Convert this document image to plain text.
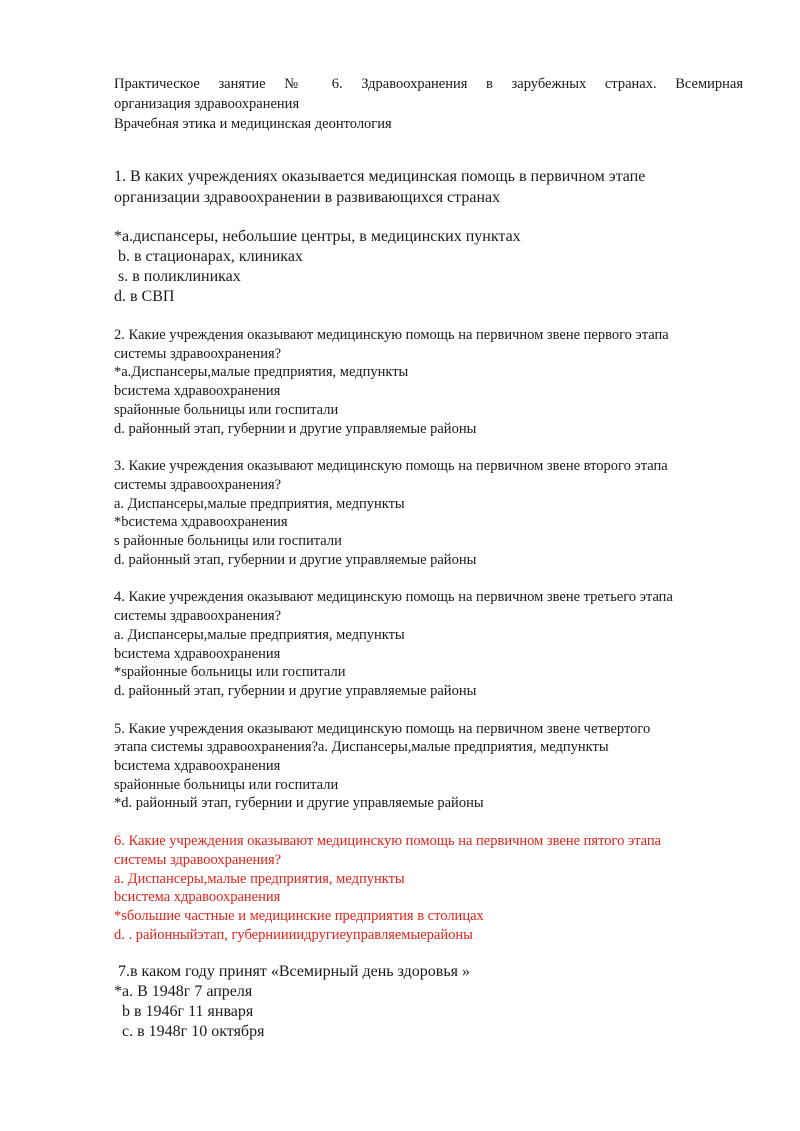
Практическое занятие № 6. Здравоохранения в зарубежных странах. Всемирная

организация здравоохранения

Врачебная этика и медицинская деонтология

1. В каких учреждениях оказывается медицинская помощь в первичном этапе

организации здравоохранении в развивающихся странах

*a.диспансеры, небольшие центры, в медицинских пунктах

b. в стационарах, клиниках

s. в поликлиниках

d. в СВП

2. Какие учреждения оказывают медицинскую помощь на первичном звене первого этапа

системы здравоохранения?

*a.Диспансеры,малые предприятия, медпункты

bсистема хдравоохранения

sрайонные больницы или госпитали

d. районный этап, губернии и другие управляемые районы

3. Какие учреждения оказывают медицинскую помощь на первичном звене второго этапа

системы здравоохранения?

a. Диспансеры,малые предприятия, медпункты

*bсистема хдравоохранения

s районные больницы или госпитали

d. районный этап, губернии и другие управляемые районы

4. Какие учреждения оказывают медицинскую помощь на первичном звене третьего этапа

системы здравоохранения?

a. Диспансеры,малые предприятия, медпункты

bсистема хдравоохранения

*sрайонные больницы или госпитали

d. районный этап, губернии и другие управляемые районы

5. Какие учреждения оказывают медицинскую помощь на первичном звене четвертого

этапа системы здравоохранения?a. Диспансеры,малые предприятия, медпункты

bсистема хдравоохранения

sрайонные больницы или госпитали

*d. районный этап, губернии и другие управляемые районы

6. Какие учреждения оказывают медицинскую помощь на первичном звене пятого этапа

системы здравоохранения?

a. Диспансеры,малые предприятия, медпункты

bсистема хдравоохранения

*sбольшие частные и медицинские предприятия в столицах

d. . районныйэтап, губерниииидругиеуправляемыерайоны

7.в каком году принят «Всемирный день здоровья »

*a. В 1948г 7 апреля

b в 1946г 11 января

c. в 1948г 10 октября
